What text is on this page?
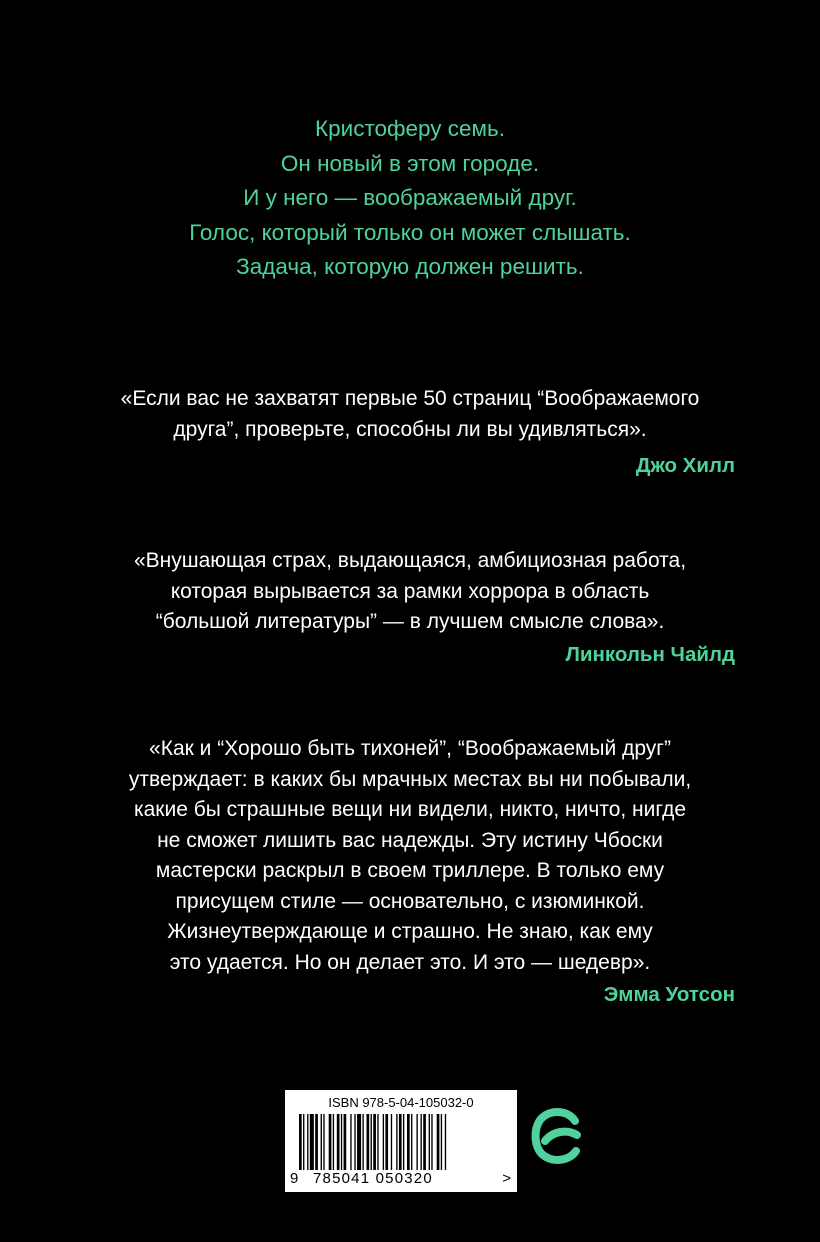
Кристоферу семь.
Он новый в этом городе.
И у него — воображаемый друг.
Голос, который только он может слышать.
Задача, которую должен решить.
«Если вас не захватят первые 50 страниц “Воображаемого
друга”, проверьте, способны ли вы удивляться».
Джо Хилл
«Внушающая страх, выдающаяся, амбициозная работа,
которая вырывается за рамки хоррора в область
“большой литературы” — в лучшем смысле слова».
Линкольн Чайлд
«Как и “Хорошо быть тихоней”, “Воображаемый друг”
утверждает: в каких бы мрачных местах вы ни побывали,
какие бы страшные вещи ни видели, никто, ничто, нигде
не сможет лишить вас надежды. Эту истину Чбоски
мастерски раскрыл в своем триллере. В только ему
присущем стиле — основательно, с изюминкой.
Жизнеутверждающе и страшно. Не знаю, как ему
это удается. Но он делает это. И это — шедевр».
Эмма Уотсон
ISBN 978-5-04-105032-0
9 785041 050320	>
